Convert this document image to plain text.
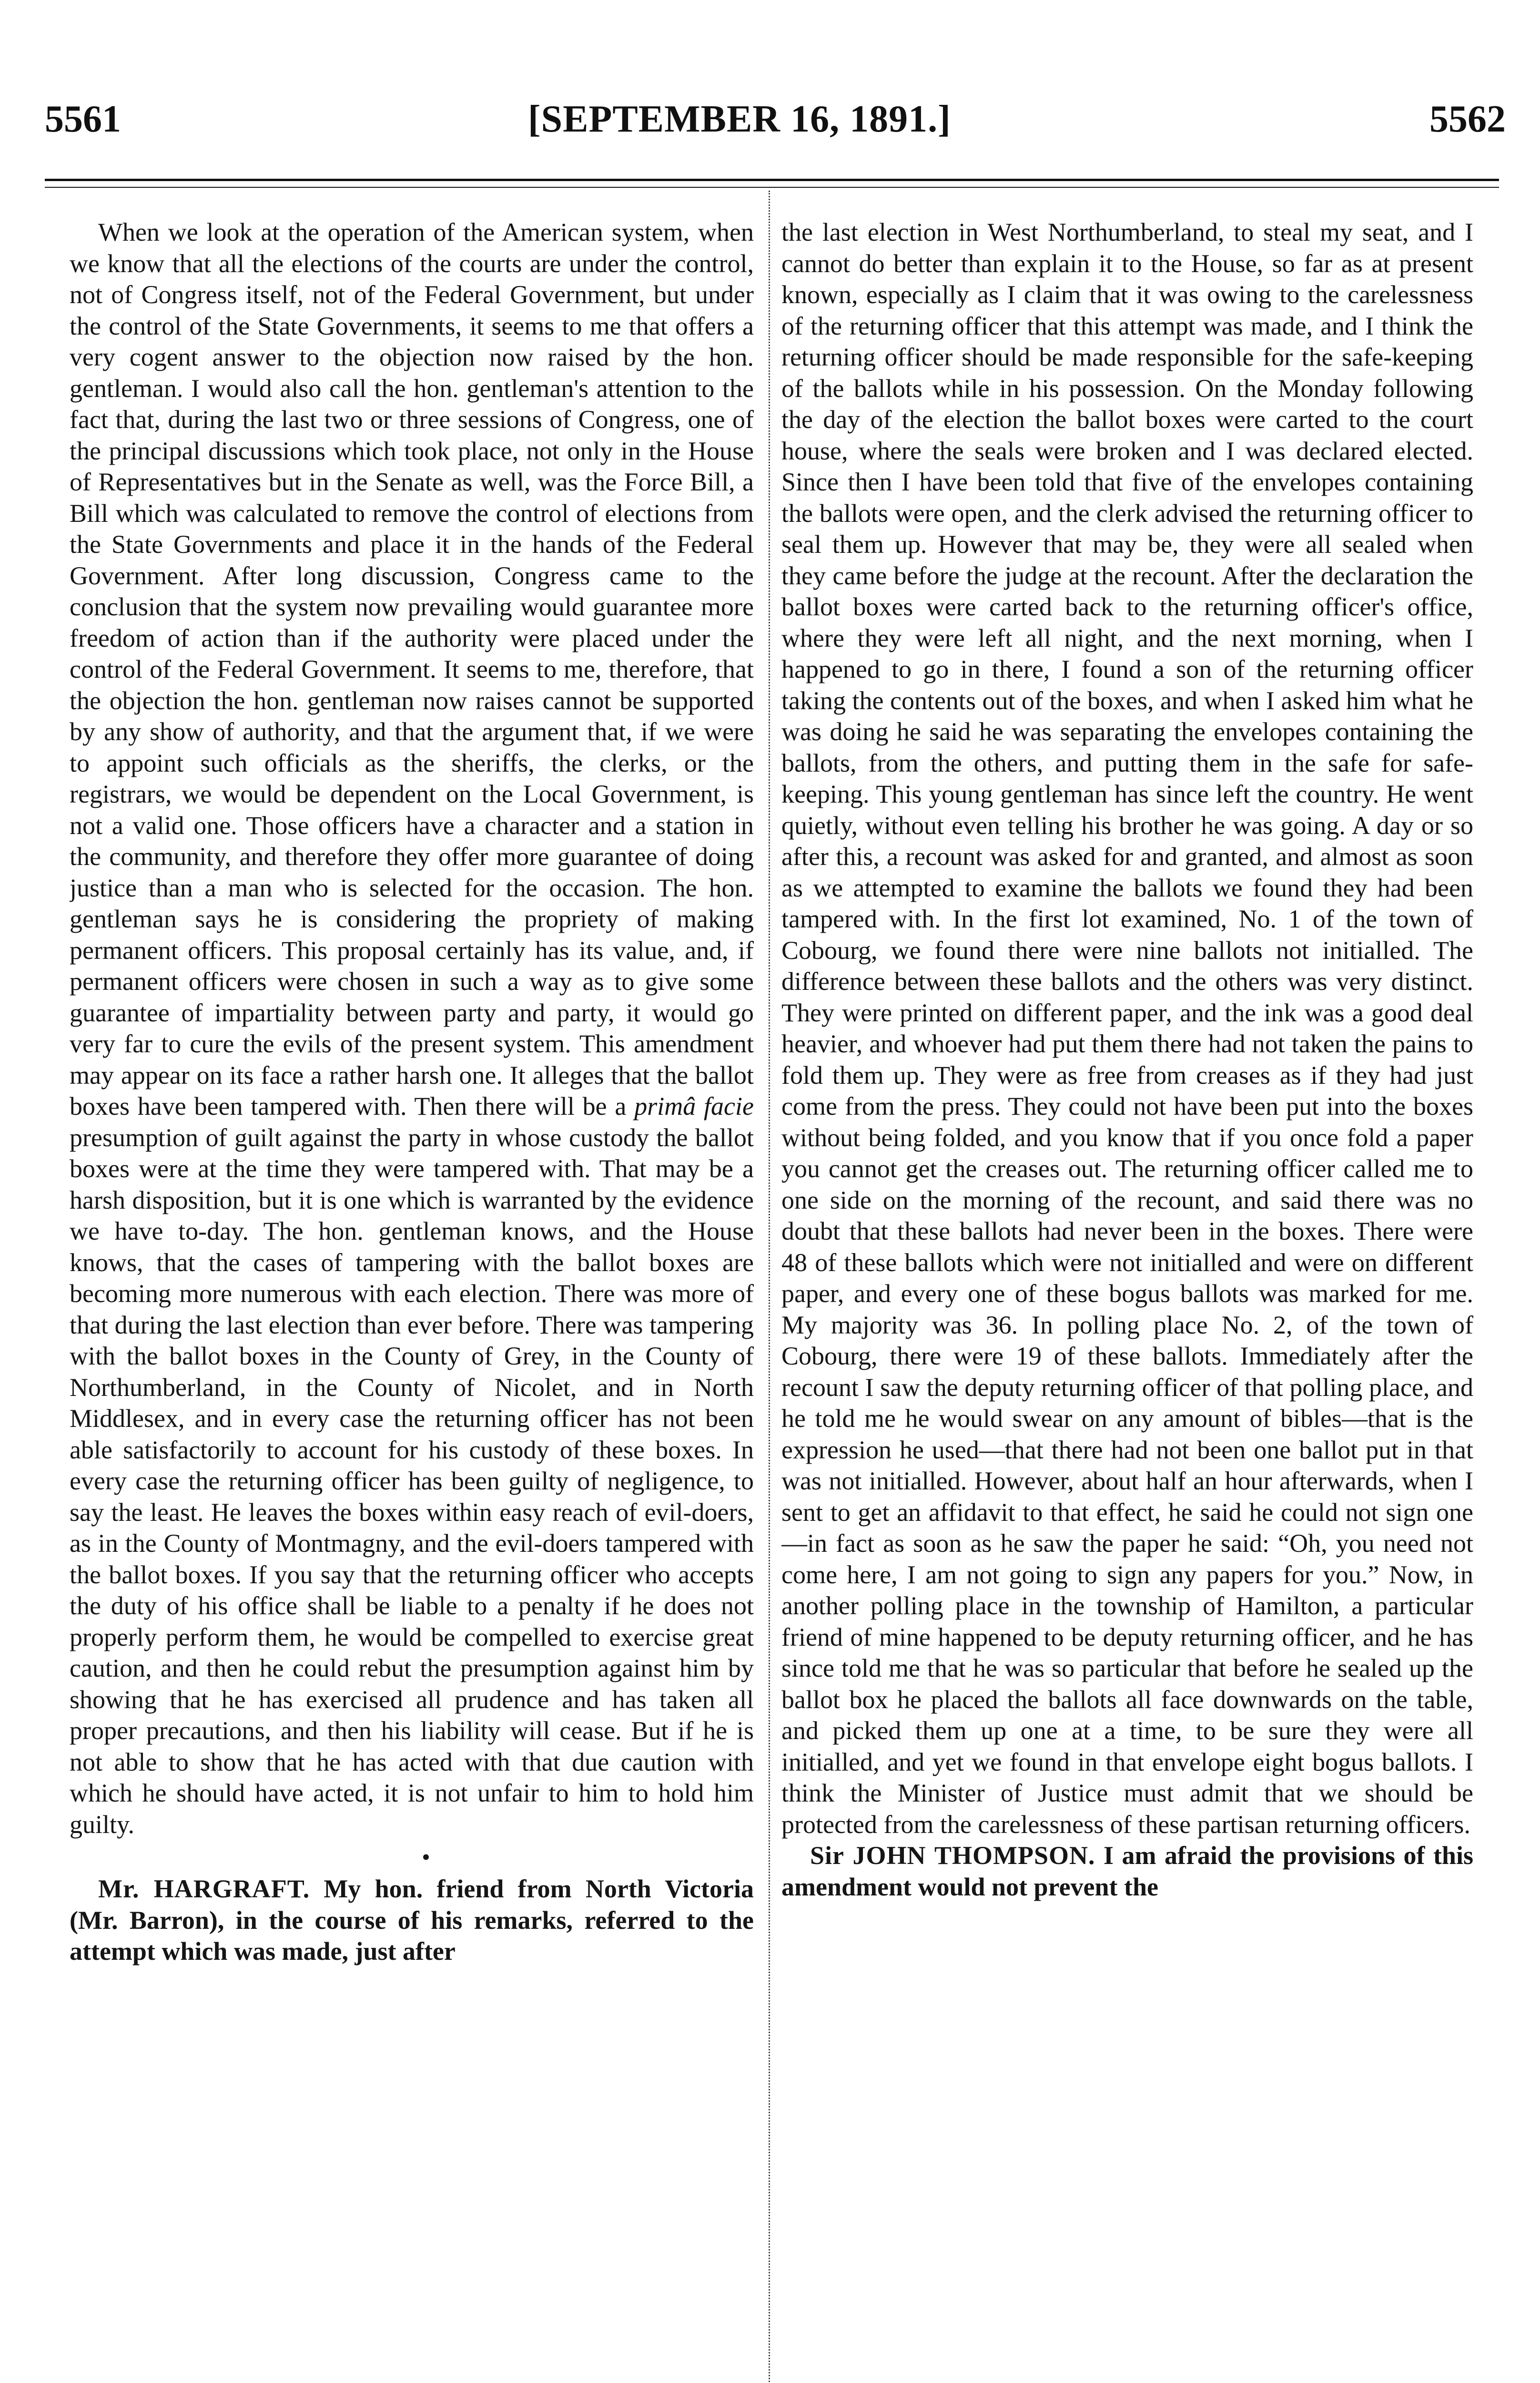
5561	[SEPTEMBER 16, 1891.]	5562

When we look at the operation of the American system, when we know that all the elections of the courts are under the control, not of Congress itself, not of the Federal Government, but under the control of the State Governments, it seems to me that offers a very cogent answer to the objection now raised by the hon. gentleman. I would also call the hon. gentleman's attention to the fact that, during the last two or three sessions of Congress, one of the principal discussions which took place, not only in the House of Representatives but in the Senate as well, was the Force Bill, a Bill which was calculated to remove the control of elections from the State Governments and place it in the hands of the Federal Government. After long discussion, Congress came to the conclusion that the system now prevailing would guarantee more freedom of action than if the authority were placed under the control of the Federal Government. It seems to me, therefore, that the objection the hon. gentleman now raises cannot be supported by any show of authority, and that the argument that, if we were to appoint such officials as the sheriffs, the clerks, or the registrars, we would be dependent on the Local Government, is not a valid one. Those officers have a character and a station in the community, and therefore they offer more guarantee of doing justice than a man who is selected for the occasion. The hon. gentleman says he is considering the propriety of making permanent officers. This proposal certainly has its value, and, if permanent officers were chosen in such a way as to give some guarantee of impartiality between party and party, it would go very far to cure the evils of the present system. This amendment may appear on its face a rather harsh one. It alleges that the ballot boxes have been tampered with. Then there will be a primâ facie presumption of guilt against the party in whose custody the ballot boxes were at the time they were tampered with. That may be a harsh disposition, but it is one which is warranted by the evidence we have to-day. The hon. gentleman knows, and the House knows, that the cases of tampering with the ballot boxes are becoming more numerous with each election. There was more of that during the last election than ever before. There was tampering with the ballot boxes in the County of Grey, in the County of Northumberland, in the County of Nicolet, and in North Middlesex, and in every case the returning officer has not been able satisfactorily to account for his custody of these boxes. In every case the returning officer has been guilty of negligence, to say the least. He leaves the boxes within easy reach of evil-doers, as in the County of Montmagny, and the evil-doers tampered with the ballot boxes. If you say that the returning officer who accepts the duty of his office shall be liable to a penalty if he does not properly perform them, he would be compelled to exercise great caution, and then he could rebut the presumption against him by showing that he has exercised all prudence and has taken all proper precautions, and then his liability will cease. But if he is not able to show that he has acted with that due caution with which he should have acted, it is not unfair to him to hold him guilty.

•

Mr. HARGRAFT. My hon. friend from North Victoria (Mr. Barron), in the course of his remarks, referred to the attempt which was made, just after

the last election in West Northumberland, to steal my seat, and I cannot do better than explain it to the House, so far as at present known, especially as I claim that it was owing to the carelessness of the returning officer that this attempt was made, and I think the returning officer should be made responsible for the safe-keeping of the ballots while in his possession. On the Monday following the day of the election the ballot boxes were carted to the court house, where the seals were broken and I was declared elected. Since then I have been told that five of the envelopes containing the ballots were open, and the clerk advised the returning officer to seal them up. However that may be, they were all sealed when they came before the judge at the recount. After the declaration the ballot boxes were carted back to the returning officer's office, where they were left all night, and the next morning, when I happened to go in there, I found a son of the returning officer taking the contents out of the boxes, and when I asked him what he was doing he said he was separating the envelopes containing the ballots, from the others, and putting them in the safe for safe-keeping. This young gentleman has since left the country. He went quietly, without even telling his brother he was going. A day or so after this, a recount was asked for and granted, and almost as soon as we attempted to examine the ballots we found they had been tampered with. In the first lot examined, No. 1 of the town of Cobourg, we found there were nine ballots not initialled. The difference between these ballots and the others was very distinct. They were printed on different paper, and the ink was a good deal heavier, and whoever had put them there had not taken the pains to fold them up. They were as free from creases as if they had just come from the press. They could not have been put into the boxes without being folded, and you know that if you once fold a paper you cannot get the creases out. The returning officer called me to one side on the morning of the recount, and said there was no doubt that these ballots had never been in the boxes. There were 48 of these ballots which were not initialled and were on different paper, and every one of these bogus ballots was marked for me. My majority was 36. In polling place No. 2, of the town of Cobourg, there were 19 of these ballots. Immediately after the recount I saw the deputy returning officer of that polling place, and he told me he would swear on any amount of bibles—that is the expression he used—that there had not been one ballot put in that was not initialled. However, about half an hour afterwards, when I sent to get an affidavit to that effect, he said he could not sign one—in fact as soon as he saw the paper he said: “Oh, you need not come here, I am not going to sign any papers for you.” Now, in another polling place in the township of Hamilton, a particular friend of mine happened to be deputy returning officer, and he has since told me that he was so particular that before he sealed up the ballot box he placed the ballots all face downwards on the table, and picked them up one at a time, to be sure they were all initialled, and yet we found in that envelope eight bogus ballots. I think the Minister of Justice must admit that we should be protected from the carelessness of these partisan returning officers.

Sir JOHN THOMPSON. I am afraid the provisions of this amendment would not prevent the
